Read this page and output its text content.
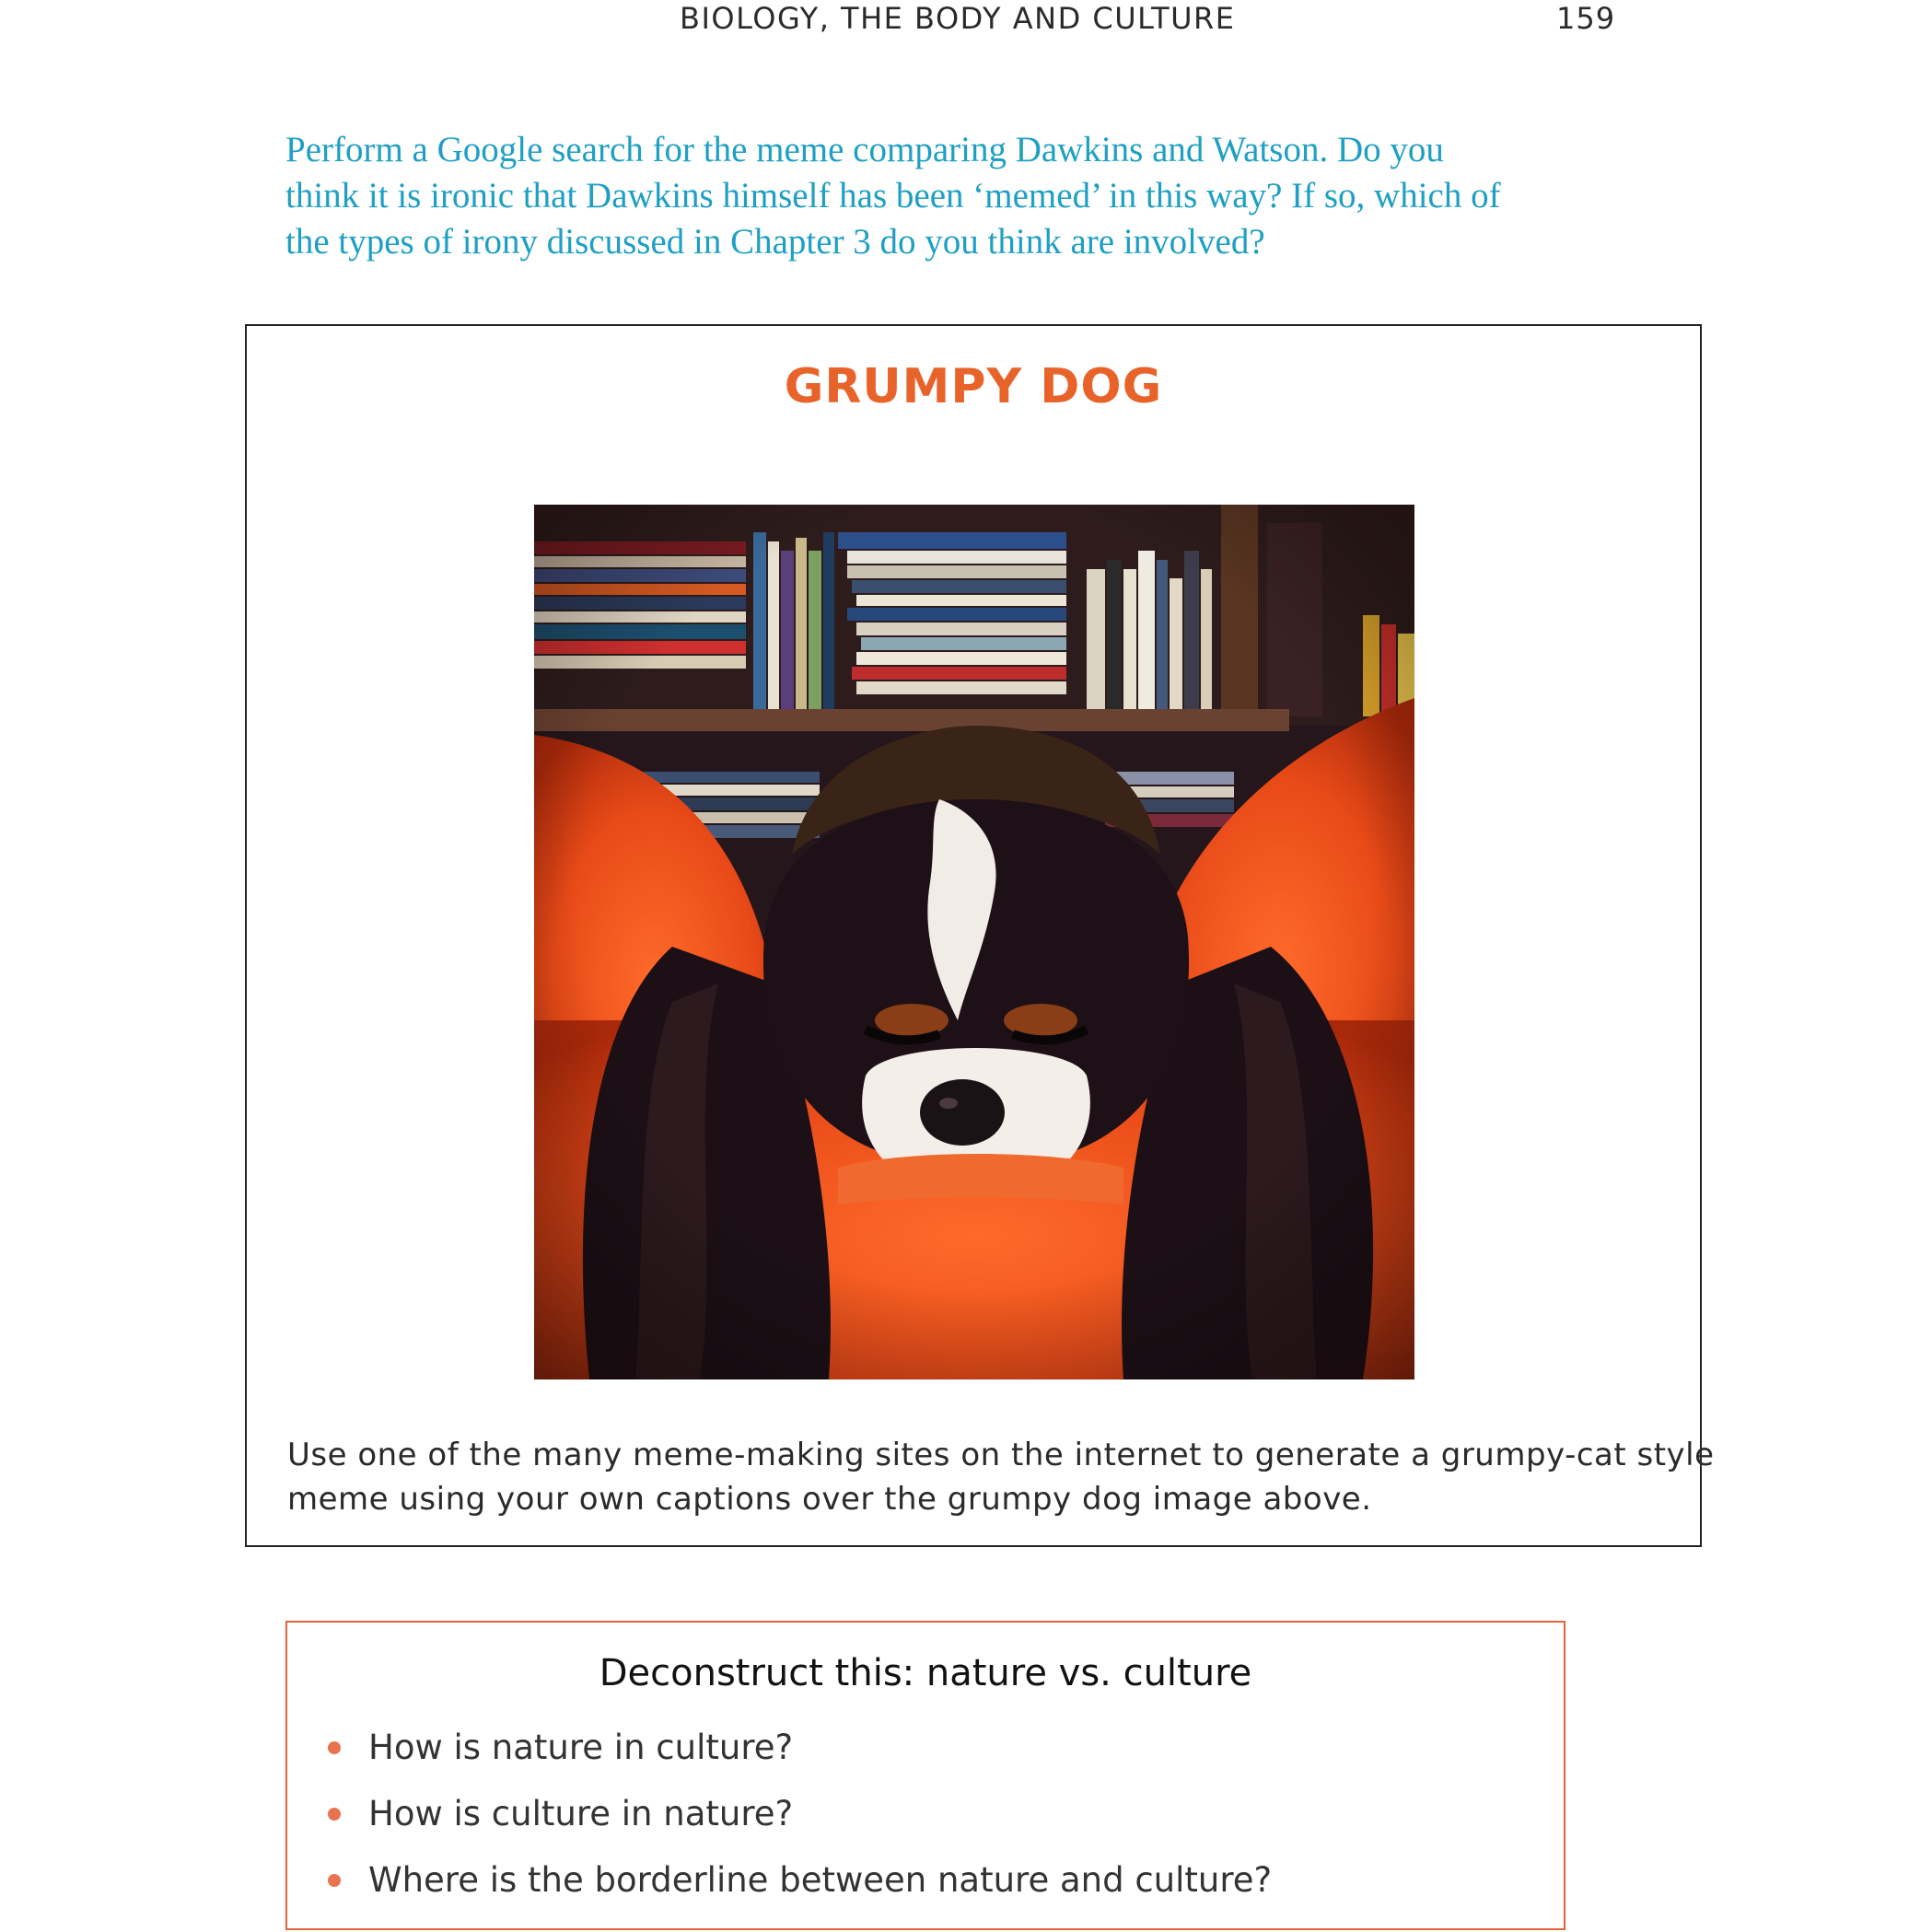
BIOLOGY, THE BODY AND CULTURE	159

Perform a Google search for the meme comparing Dawkins and Watson. Do you

think it is ironic that Dawkins himself has been ‘memed’ in this way? If so, which of

the types of irony discussed in Chapter 3 do you think are involved?

GRUMPY DOG

Use one of the many meme-making sites on the internet to generate a grumpy-cat style

meme using your own captions over the grumpy dog image above.

Deconstruct this: nature vs. culture
How is nature in culture?
How is culture in nature?
Where is the borderline between nature and culture?
